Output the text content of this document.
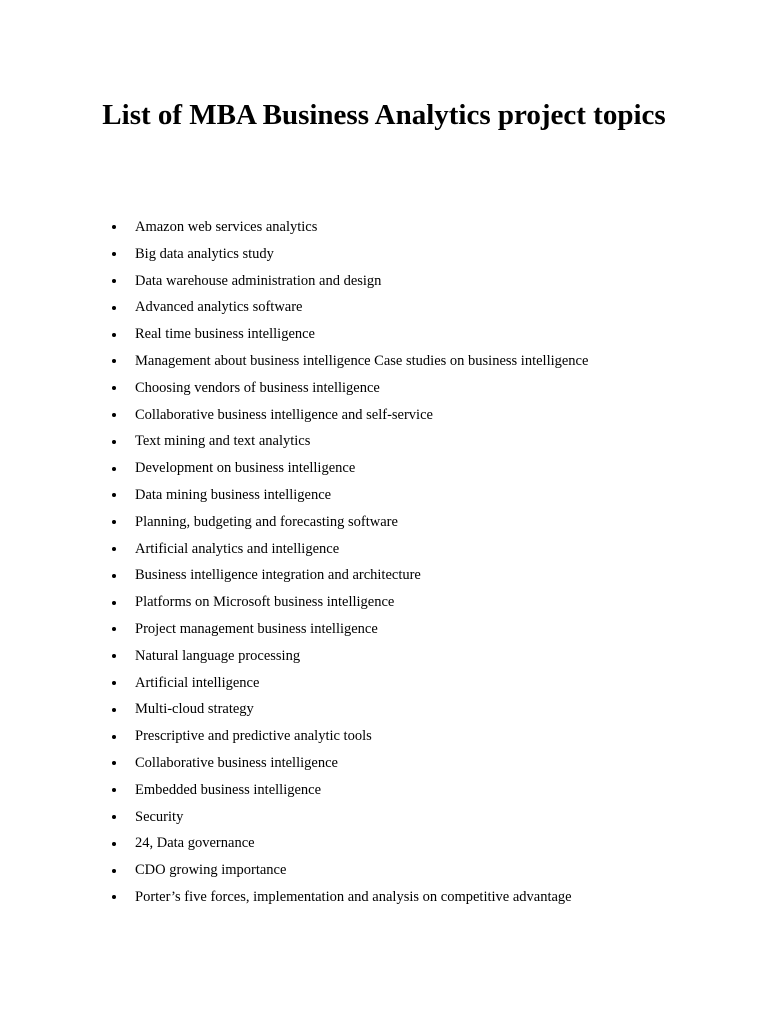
List of MBA Business Analytics project topics
Amazon web services analytics
Big data analytics study
Data warehouse administration and design
Advanced analytics software
Real time business intelligence
Management about business intelligence Case studies on business intelligence
Choosing vendors of business intelligence
Collaborative business intelligence and self-service
Text mining and text analytics
Development on business intelligence
Data mining business intelligence
Planning, budgeting and forecasting software
Artificial analytics and intelligence
Business intelligence integration and architecture
Platforms on Microsoft business intelligence
Project management business intelligence
Natural language processing
Artificial intelligence
Multi-cloud strategy
Prescriptive and predictive analytic tools
Collaborative business intelligence
Embedded business intelligence
Security
24, Data governance
CDO growing importance
Porter’s five forces, implementation and analysis on competitive advantage
